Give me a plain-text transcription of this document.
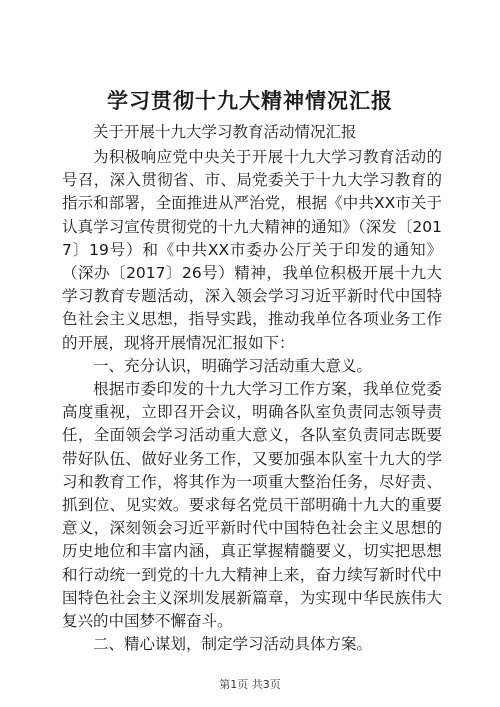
学习贯彻十九大精神情况汇报
关于开展十九大学习教育活动情况汇报

为积极响应党中央关于开展十九大学习教育活动的号召，深入贯彻省、市、局党委关于十九大学习教育的指示和部署，全面推进从严治党，根据《中共XX市关于认真学习宣传贯彻党的十九大精神的通知》（深发〔2017〕19号）和《中共XX市委办公厅关于印发的通知》（深办〔2017〕26号）精神，我单位积极开展十九大学习教育专题活动，深入领会学习习近平新时代中国特色社会主义思想，指导实践，推动我单位各项业务工作的开展，现将开展情况汇报如下：

一、充分认识，明确学习活动重大意义。

根据市委印发的十九大学习工作方案，我单位党委高度重视，立即召开会议，明确各队室负责同志领导责任，全面领会学习活动重大意义，各队室负责同志既要带好队伍、做好业务工作，又要加强本队室十九大的学习和教育工作，将其作为一项重大整治任务，尽好责、抓到位、见实效。要求每名党员干部明确十九大的重要意义，深刻领会习近平新时代中国特色社会主义思想的历史地位和丰富内涵，真正掌握精髓要义，切实把思想和行动统一到党的十九大精神上来，奋力续写新时代中国特色社会主义深圳发展新篇章，为实现中华民族伟大复兴的中国梦不懈奋斗。

二、精心谋划，制定学习活动具体方案。

第1页 共3页
